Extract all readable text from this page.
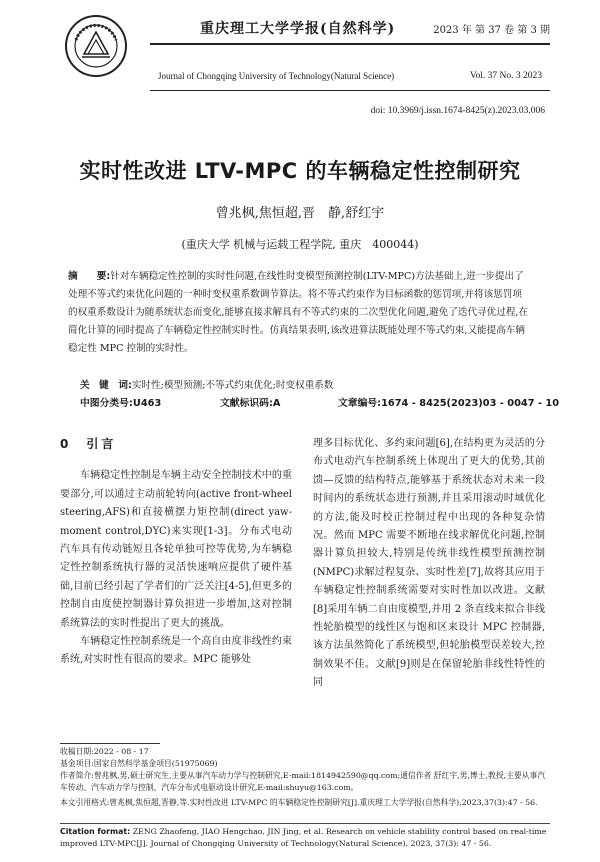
重庆理工大学学报(自然科学)
Journal of Chongqing University of Technology(Natural Science)
2023 年 第 37 卷 第 3 期
Vol. 37 No. 3 2023
doi: 10.3969/j.issn.1674-8425(z).2023.03.006
实时性改进 LTV-MPC 的车辆稳定性控制研究
曾兆枫,焦恒超,晋　静,舒红宇
(重庆大学 机械与运载工程学院, 重庆　400044)
摘　　要:针对车辆稳定性控制的实时性问题,在线性时变模型预测控制(LTV-MPC)方法基础上,进一步提出了处理不等式约束优化问题的一种时变权重系数调节算法。将不等式约束作为目标函数的惩罚项,并将该惩罚项的权重系数设计为随系统状态而变化,能够直接求解具有不等式约束的二次型优化问题,避免了迭代寻优过程,在简化计算的同时提高了车辆稳定性控制实时性。仿真结果表明,该改进算法既能处理不等式约束,又能提高车辆稳定性 MPC 控制的实时性。
关　键　词:实时性;模型预测;不等式约束优化;时变权重系数
中图分类号:U463	文献标识码:A	文章编号:1674 - 8425(2023)03 - 0047 - 10
0　引言

车辆稳定性控制是车辆主动安全控制技术中的重要部分,可以通过主动前轮转向(active front-wheel steering,AFS)和直接横摆力矩控制(direct yaw-moment control,DYC)来实现[1-3]。分布式电动汽车具有传动链短且各轮单独可控等优势,为车辆稳定性控制系统执行器的灵活快速响应提供了硬件基础,目前已经引起了学者们的广泛关注[4-5],但更多的控制自由度使控制器计算负担进一步增加,这对控制系统算法的实时性提出了更大的挑战。

车辆稳定性控制系统是一个高自由度非线性约束系统,对实时性有很高的要求。MPC 能够处

理多目标优化、多约束问题[6],在结构更为灵活的分布式电动汽车控制系统上体现出了更大的优势,其前馈—反馈的结构特点,能够基于系统状态对未来一段时间内的系统状态进行预测,并且采用滚动时域优化的方法,能及时校正控制过程中出现的各种复杂情况。然而 MPC 需要不断地在线求解优化问题,控制器计算负担较大,特别是传统非线性模型预测控制(NMPC)求解过程复杂、实时性差[7],故将其应用于车辆稳定性控制系统需要对实时性加以改进。文献[8]采用车辆二自由度模型,并用 2 条直线来拟合非线性轮胎模型的线性区与饱和区来设计 MPC 控制器,该方法虽然简化了系统模型,但轮胎模型误差较大,控制效果不佳。文献[9]则是在保留轮胎非线性特性的同

收稿日期:2022 - 08 - 17
基金项目:国家自然科学基金项目(51975069)
作者简介:曾兆枫,男,硕士研究生,主要从事汽车动力学与控制研究,E-mail:1814942590@qq.com;通信作者 舒红宇,男,博士,教授,主要从事汽车传动、汽车动力学与控制、汽车分布式电驱动设计研究,E-mail:shuyu@163.com。
本文引用格式:曾兆枫,焦恒超,晋静,等.实时性改进 LTV-MPC 的车辆稳定性控制研究[J].重庆理工大学学报(自然科学),2023,37(3):47 - 56.
Citation format: ZENG Zhaofeng, JIAO Hengchao, JIN Jing, et al. Research on vehicle stability control based on real-time improved LTV-MPC[J]. Journal of Chongqing University of Technology(Natural Science), 2023, 37(3): 47 - 56.
